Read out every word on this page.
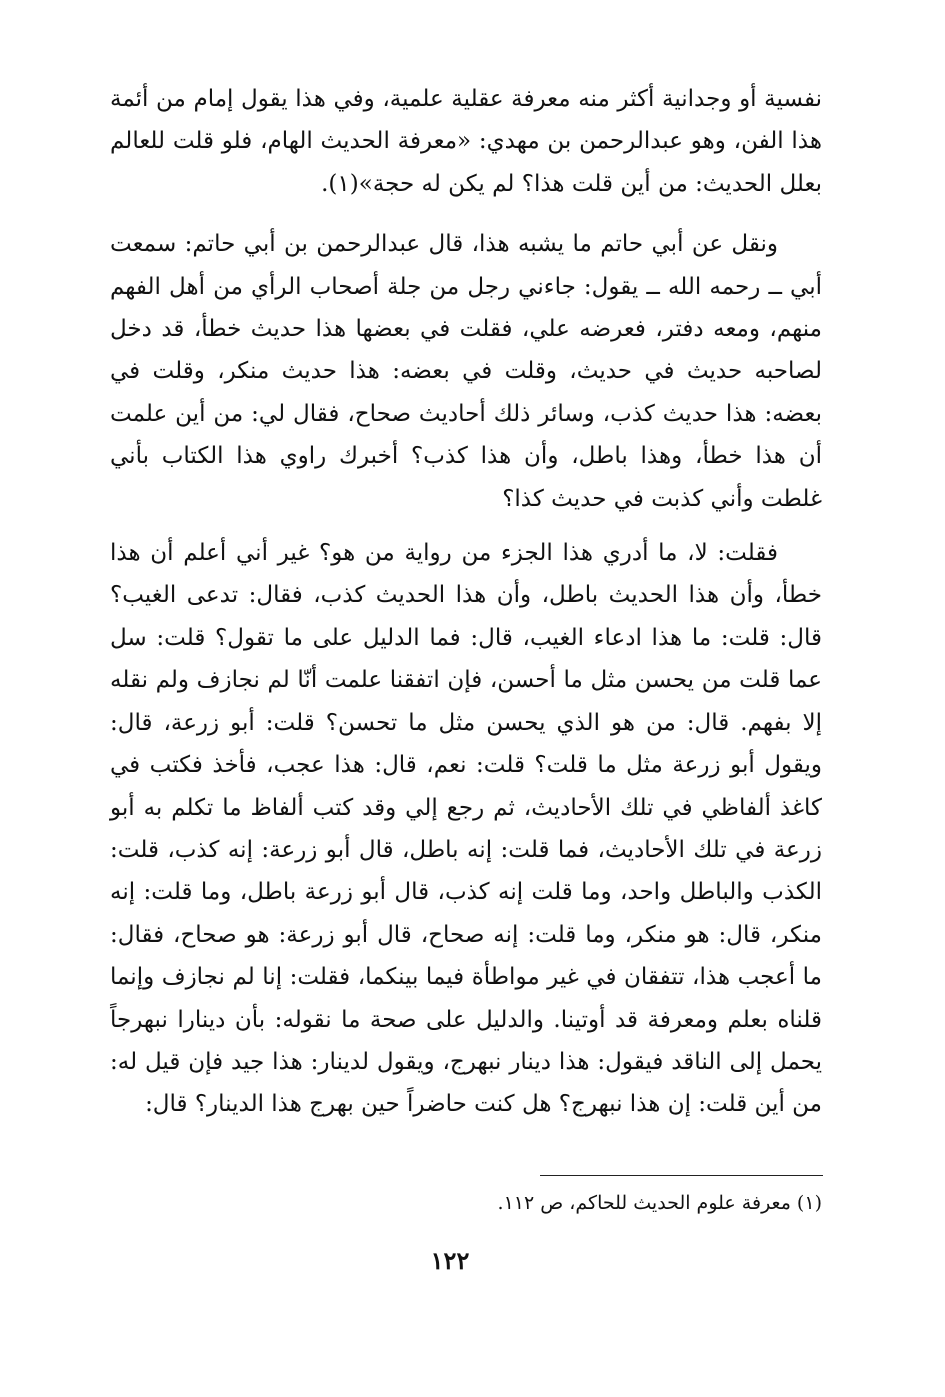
نفسية أو وجدانية أكثر منه معرفة عقلية علمية، وفي هذا يقول إمام من أئمة هذا الفن، وهو عبدالرحمن بن مهدي: «معرفة الحديث الهام، فلو قلت للعالم بعلل الحديث: من أين قلت هذا؟ لم يكن له حجة»(١).

ونقل عن أبي حاتم ما يشبه هذا، قال عبدالرحمن بن أبي حاتم: سمعت أبي ــ رحمه الله ــ يقول: جاءني رجل من جلة أصحاب الرأي من أهل الفهم منهم، ومعه دفتر، فعرضه علي، فقلت في بعضها هذا حديث خطأ، قد دخل لصاحبه حديث في حديث، وقلت في بعضه: هذا حديث منكر، وقلت في بعضه: هذا حديث كذب، وسائر ذلك أحاديث صحاح، فقال لي: من أين علمت أن هذا خطأ، وهذا باطل، وأن هذا كذب؟ أخبرك راوي هذا الكتاب بأني غلطت وأني كذبت في حديث كذا؟

فقلت: لا، ما أدري هذا الجزء من رواية من هو؟ غير أني أعلم أن هذا خطأ، وأن هذا الحديث باطل، وأن هذا الحديث كذب، فقال: تدعى الغيب؟ قال: قلت: ما هذا ادعاء الغيب، قال: فما الدليل على ما تقول؟ قلت: سل عما قلت من يحسن مثل ما أحسن، فإن اتفقنا علمت أنّا لم نجازف ولم نقله إلا بفهم. قال: من هو الذي يحسن مثل ما تحسن؟ قلت: أبو زرعة، قال: ويقول أبو زرعة مثل ما قلت؟ قلت: نعم، قال: هذا عجب، فأخذ فكتب في كاغذ ألفاظي في تلك الأحاديث، ثم رجع إلي وقد كتب ألفاظ ما تكلم به أبو زرعة في تلك الأحاديث، فما قلت: إنه باطل، قال أبو زرعة: إنه كذب، قلت: الكذب والباطل واحد، وما قلت إنه كذب، قال أبو زرعة باطل، وما قلت: إنه منكر، قال: هو منكر، وما قلت: إنه صحاح، قال أبو زرعة: هو صحاح، فقال: ما أعجب هذا، تتفقان في غير مواطأة فيما بينكما، فقلت: إنا لم نجازف وإنما قلناه بعلم ومعرفة قد أوتينا. والدليل على صحة ما نقوله: بأن دينارا نبهرجاً يحمل إلى الناقد فيقول: هذا دينار نبهرج، ويقول لدينار: هذا جيد فإن قيل له: من أين قلت: إن هذا نبهرج؟ هل كنت حاضراً حين بهرج هذا الدينار؟ قال:

(١) معرفة علوم الحديث للحاكم، ص ١١٢.

١٢٢
